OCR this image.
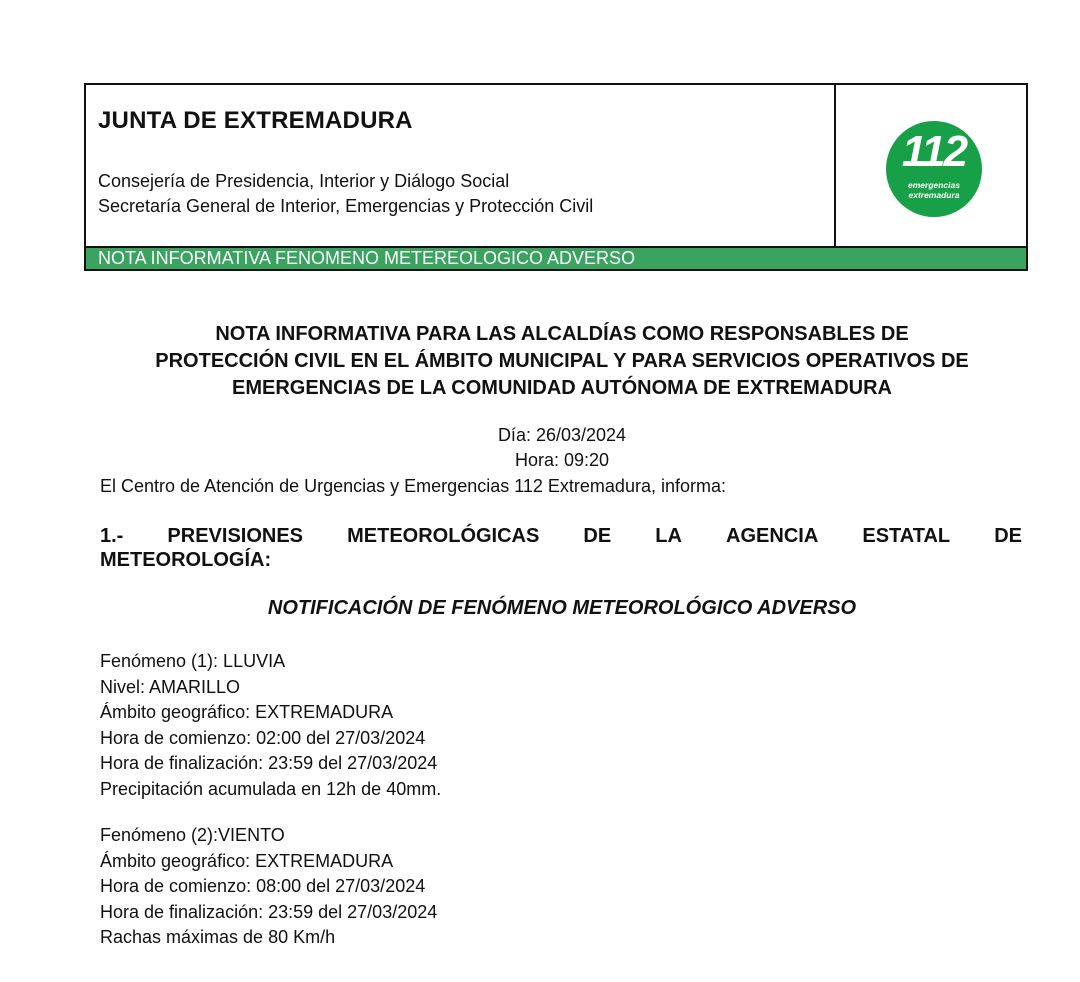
JUNTA DE EXTREMADURA
Consejería de Presidencia, Interior y Diálogo Social
Secretaría General de Interior, Emergencias y Protección Civil
112
emergencias
extremadura
NOTA INFORMATIVA FENOMENO METEREOLOGICO ADVERSO
NOTA INFORMATIVA PARA LAS ALCALDÍAS COMO RESPONSABLES DE
PROTECCIÓN CIVIL EN EL ÁMBITO MUNICIPAL Y PARA SERVICIOS OPERATIVOS DE
EMERGENCIAS DE LA COMUNIDAD AUTÓNOMA DE EXTREMADURA
Día: 26/03/2024
Hora: 09:20
El Centro de Atención de Urgencias y Emergencias 112 Extremadura, informa:
1.- PREVISIONES METEOROLÓGICAS DE LA AGENCIA ESTATAL DE
METEOROLOGÍA:
NOTIFICACIÓN DE FENÓMENO METEOROLÓGICO ADVERSO
Fenómeno (1): LLUVIA
Nivel: AMARILLO
Ámbito geográfico: EXTREMADURA
Hora de comienzo: 02:00 del 27/03/2024
Hora de finalización: 23:59 del 27/03/2024
Precipitación acumulada en 12h de 40mm.
Fenómeno (2):VIENTO
Ámbito geográfico: EXTREMADURA
Hora de comienzo: 08:00 del 27/03/2024
Hora de finalización: 23:59 del 27/03/2024
Rachas máximas de 80 Km/h
